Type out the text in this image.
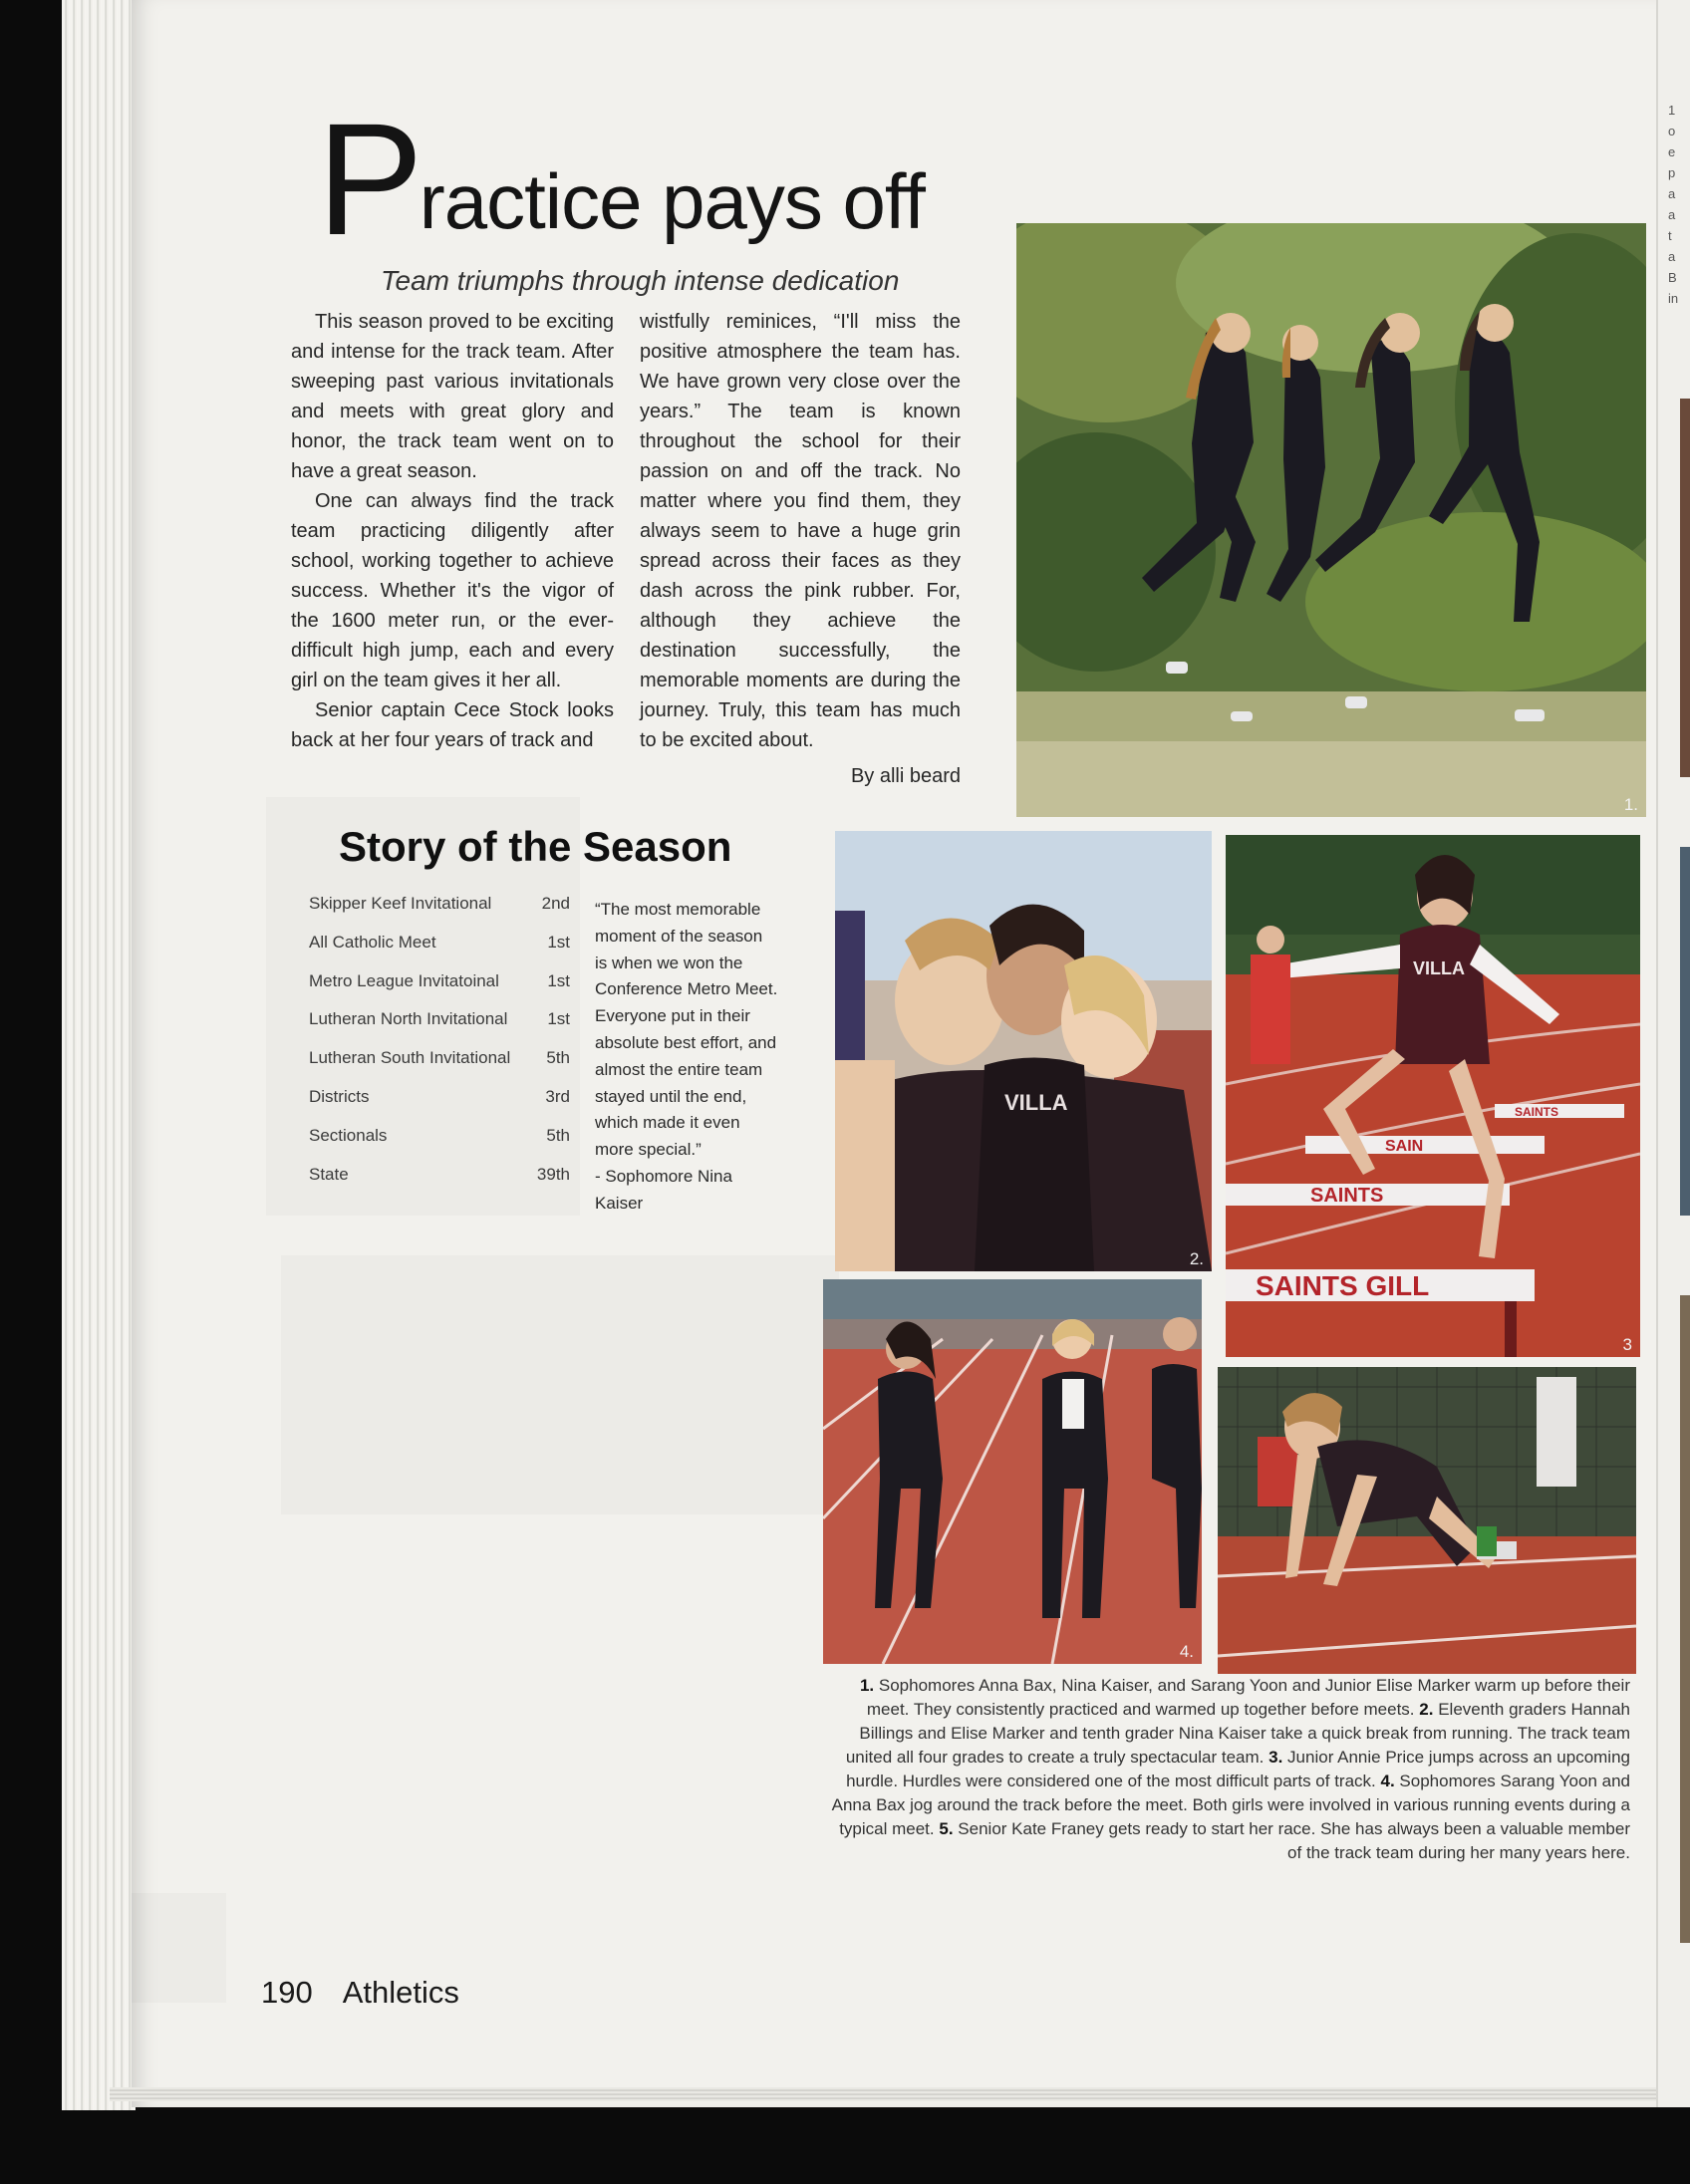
1 o e p a a t a B in
Practice pays off
Team triumphs through intense dedication

This season proved to be exciting and intense for the track team. After sweeping past various invitationals and meets with great glory and honor, the track team went on to have a great season.

One can always find the track team practicing diligently after school, working together to achieve success. Whether it's the vigor of the 1600 meter run, or the ever-difficult high jump, each and every girl on the team gives it her all.

Senior captain Cece Stock looks back at her four years of track and

wistfully reminices, “I'll miss the positive atmosphere the team has. We have grown very close over the years.” The team is known throughout the school for their passion on and off the track. No matter where you find them, they always seem to have a huge grin spread across their faces as they dash across the pink rubber. For, although they achieve the destination successfully, the memorable moments are during the journey. Truly, this team has much to be excited about.

By alli beard

1.
Story of the Season
Skipper Keef Invitational	2nd
All Catholic Meet	1st
Metro League Invitatoinal	1st
Lutheran North Invitational 1st
Lutheran South Invitational 5th
Districts	3rd
Sectionals	5th
State	39th
“The most memorable moment of the season is when we won the Conference Metro Meet. Everyone put in their absolute best effort, and almost the entire team stayed until the end, which made it even more special.”
- Sophomore Nina Kaiser
VILLA
2.
SAINTS
SAIN
SAINTS
SAINTS GILL
VILLA
3
4.
1. Sophomores Anna Bax, Nina Kaiser, and Sarang Yoon and Junior Elise Marker warm up before their meet. They consistently practiced and warmed up together before meets. 2. Eleventh graders Hannah Billings and Elise Marker and tenth grader Nina Kaiser take a quick break from running. The track team united all four grades to create a truly spectacular team. 3. Junior Annie Price jumps across an upcoming hurdle. Hurdles were considered one of the most difficult parts of track. 4. Sophomores Sarang Yoon and Anna Bax jog around the track before the meet. Both girls were involved in various running events during a typical meet. 5. Senior Kate Franey gets ready to start her race. She has always been a valuable member of the track team during her many years here.
190 Athletics
